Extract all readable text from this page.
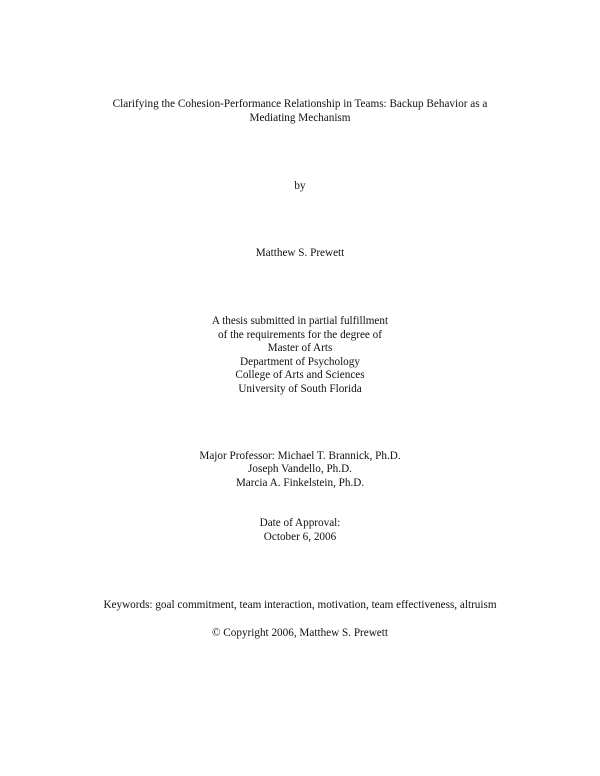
Clarifying the Cohesion-Performance Relationship in Teams: Backup Behavior as a
Mediating Mechanism
by
Matthew S. Prewett
A thesis submitted in partial fulfillment
of the requirements for the degree of
Master of Arts
Department of Psychology
College of Arts and Sciences
University of South Florida
Major Professor: Michael T. Brannick, Ph.D.
Joseph Vandello, Ph.D.
Marcia A. Finkelstein, Ph.D.
Date of Approval:
October 6, 2006
Keywords: goal commitment, team interaction, motivation, team effectiveness, altruism
© Copyright 2006, Matthew S. Prewett
